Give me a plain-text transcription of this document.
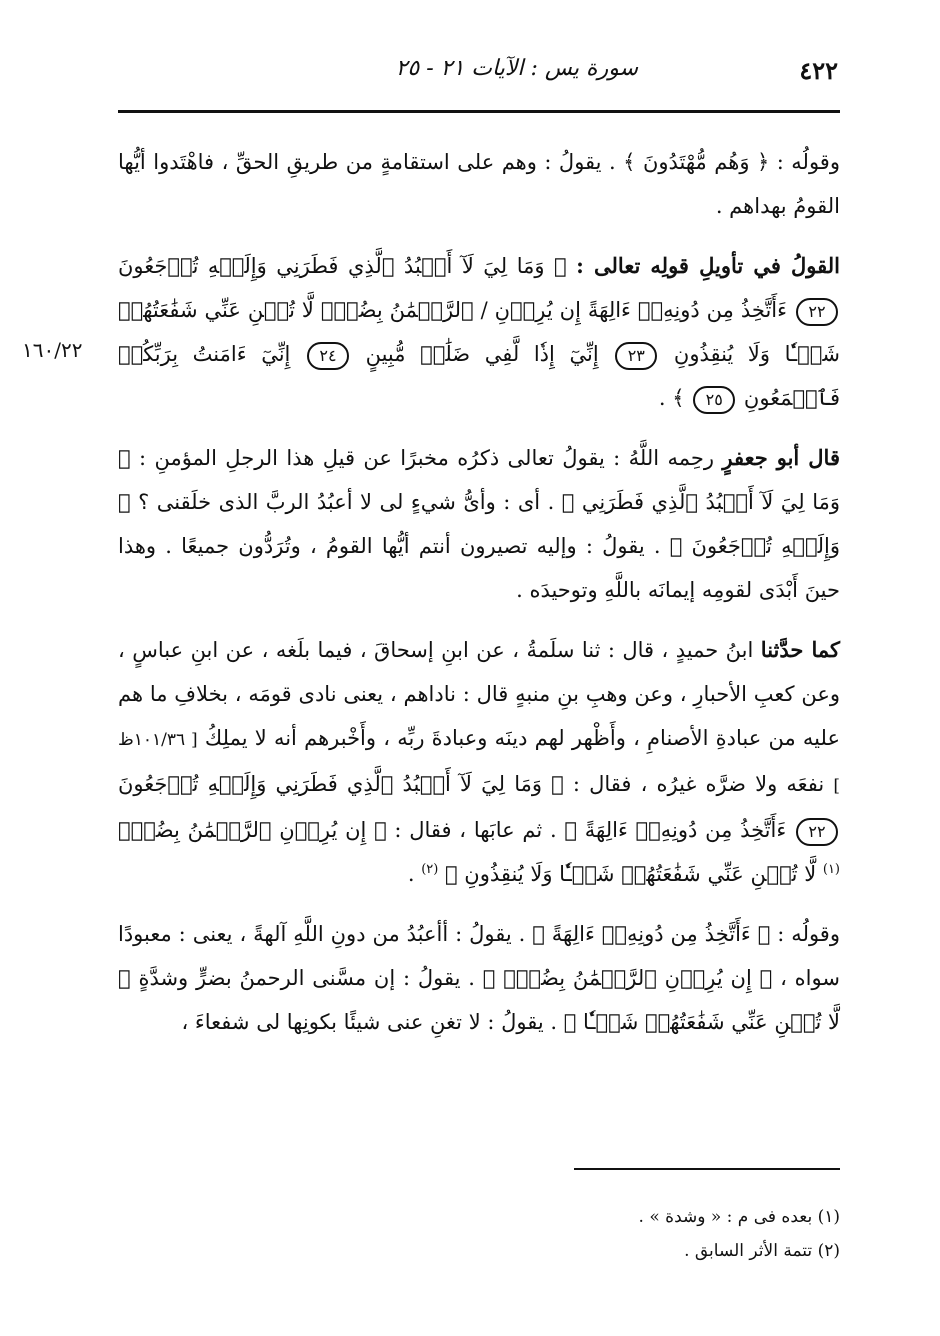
٤٢٢
سورة يس : الآيات ٢١ - ٢٥
١٦٠/٢٢

وقولُه : ﴿ وَهُم مُّهْتَدُونَ ﴾ . يقولُ : وهم على استقامةٍ من طريقِ الحقِّ ، فاهْتَدوا أيُّها القومُ بهداهم .

القولُ في تأويلِ قولِه تعالى : ﴿ وَمَا لِيَ لَآ أَعۡبُدُ ٱلَّذِي فَطَرَنِي وَإِلَيۡهِ تُرۡجَعُونَ ٢٢ ءَأَتَّخِذُ مِن دُونِهِۦٓ ءَالِهَةً إِن يُرِدۡنِ / ٱلرَّحۡمَٰنُ بِضُرّٖ لَّا تُغۡنِ عَنِّي شَفَٰعَتُهُمۡ شَيۡـٔٗا وَلَا يُنقِذُونِ ٢٣ إِنِّيٓ إِذٗا لَّفِي ضَلَٰلٖ مُّبِينٍ ٢٤ إِنِّيٓ ءَامَنتُ بِرَبِّكُمۡ فَٱسۡمَعُونِ ٢٥ ﴾ .

قال أبو جعفرٍ رحِمه اللَّهُ : يقولُ تعالى ذكرُه مخبرًا عن قيلِ هذا الرجلِ المؤمنِ : ﴿ وَمَا لِيَ لَآ أَعۡبُدُ ٱلَّذِي فَطَرَنِي ﴾ . أى : وأىُّ شيءٍ لى لا أعبُدُ الربَّ الذى خلَقنى ؟ ﴿ وَإِلَيۡهِ تُرۡجَعُونَ ﴾ . يقولُ : وإليه تصيرون أنتم أيُّها القومُ ، وتُرَدُّون جميعًا . وهذا حينَ أَبْدَى لقومِه إيمانَه باللَّهِ وتوحيدَه .

كما حدَّثنا ابنُ حميدٍ ، قال : ثنا سلَمةُ ، عن ابنِ إسحاقَ ، فيما بلَغه ، عن ابنِ عباسٍ ، وعن كعبِ الأحبارِ ، وعن وهبِ بنِ منبهٍ قال : ناداهم ، يعنى نادى قومَه ، بخلافِ ما هم عليه من عبادةِ الأصنامِ ، وأَظْهر لهم دينَه وعبادةَ ربِّه ، وأَخْبرهم أنه لا يملِكُ [ ١٠١/٣٦ظ ] نفعَه ولا ضرَّه غيرُه ، فقال : ﴿ وَمَا لِيَ لَآ أَعۡبُدُ ٱلَّذِي فَطَرَنِي وَإِلَيۡهِ تُرۡجَعُونَ ٢٢ ءَأَتَّخِذُ مِن دُونِهِۦٓ ءَالِهَةً ﴾ . ثم عابَها ، فقال : ﴿ إِن يُرِدۡنِ ٱلرَّحۡمَٰنُ بِضُرّٖ $^{(١)}$ لَّا تُغۡنِ عَنِّي شَفَٰعَتُهُمۡ شَيۡـٔٗا وَلَا يُنقِذُونِ ﴾ $^{(٢)}$ .

وقولُه : ﴿ ءَأَتَّخِذُ مِن دُونِهِۦٓ ءَالِهَةً ﴾ . يقولُ : أأعبُدُ من دونِ اللَّهِ آلهةً ، يعنى : معبودًا سواه ، ﴿ إِن يُرِدۡنِ ٱلرَّحۡمَٰنُ بِضُرّٖ ﴾ . يقولُ : إن مسَّنى الرحمنُ بضرٍّ وشدَّةٍ ﴿ لَّا تُغۡنِ عَنِّي شَفَٰعَتُهُمۡ شَيۡـٔٗا ﴾ . يقولُ : لا تغنِ عنى شيئًا بكونِها لى شفعاءَ ،

(١) بعده فى م : « وشدة » .

(٢) تتمة الأثر السابق .
